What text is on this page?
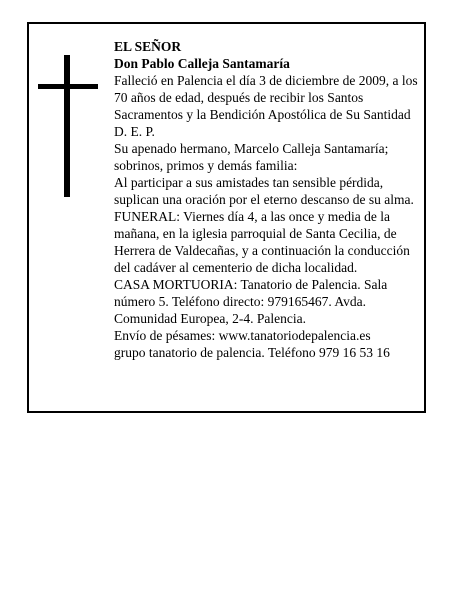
EL SEÑOR

Don Pablo Calleja Santamaría

Falleció en Palencia el día 3 de diciembre de 2009, a los
70 años de edad, después de recibir los Santos
Sacramentos y la Bendición Apostólica de Su Santidad
D. E. P.

Su apenado hermano, Marcelo Calleja Santamaría;
sobrinos, primos y demás familia:

Al participar a sus amistades tan sensible pérdida,
suplican una oración por el eterno descanso de su alma.

FUNERAL: Viernes día 4, a las once y media de la
mañana, en la iglesia parroquial de Santa Cecilia, de
Herrera de Valdecañas, y a continuación la conducción
del cadáver al cementerio de dicha localidad.

CASA MORTUORIA: Tanatorio de Palencia. Sala
número 5. Teléfono directo: 979165467. Avda.
Comunidad Europea, 2-4. Palencia.

Envío de pésames: www.tanatoriodepalencia.es

grupo tanatorio de palencia. Teléfono 979 16 53 16
